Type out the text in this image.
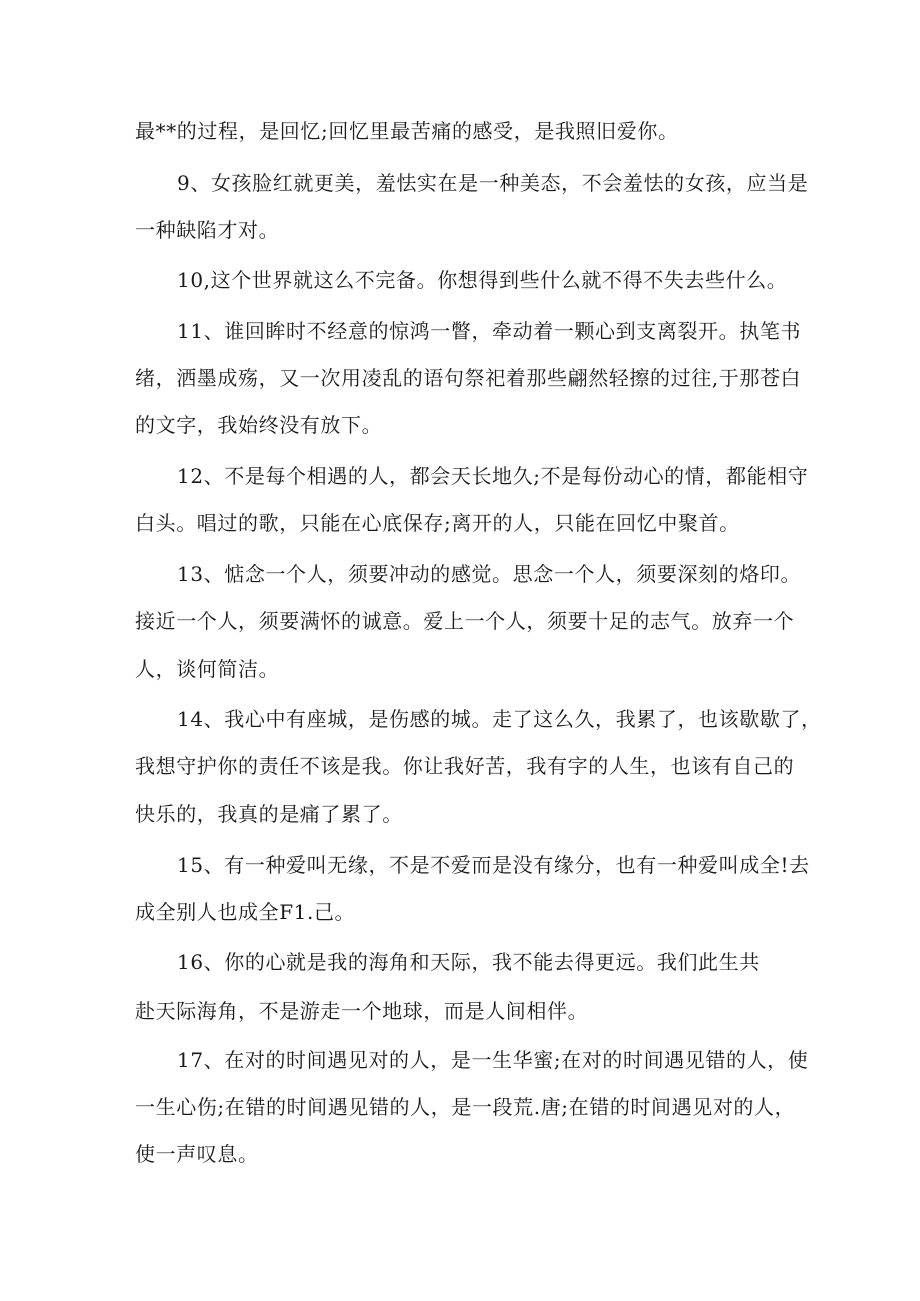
最**的过程，是回忆;回忆里最苦痛的感受，是我照旧爱你。

9、女孩脸红就更美，羞怯实在是一种美态，不会羞怯的女孩，应当是

一种缺陷才对。

10,这个世界就这么不完备。你想得到些什么就不得不失去些什么。

11、谁回眸时不经意的惊鸿一瞥，牵动着一颗心到支离裂开。执笔书

绪，洒墨成殇，又一次用凌乱的语句祭祀着那些翩然轻擦的过往,于那苍白

的文字，我始终没有放下。

12、不是每个相遇的人，都会天长地久;不是每份动心的情，都能相守

白头。唱过的歌，只能在心底保存;离开的人，只能在回忆中聚首。

13、惦念一个人，须要冲动的感觉。思念一个人，须要深刻的烙印。

接近一个人，须要满怀的诚意。爱上一个人，须要十足的志气。放弃一个

人，谈何简洁。

14、我心中有座城，是伤感的城。走了这么久，我累了，也该歇歇了，

我想守护你的责任不该是我。你让我好苦，我有字的人生，也该有自己的

快乐的，我真的是痛了累了。

15、有一种爱叫无缘，不是不爱而是没有缘分，也有一种爱叫成全!去

成全别人也成全F1.己。

16、你的心就是我的海角和天际，我不能去得更远。我们此生共

赴天际海角，不是游走一个地球，而是人间相伴。

17、在对的时间遇见对的人，是一生华蜜;在对的时间遇见错的人，使

一生心伤;在错的时间遇见错的人，是一段荒.唐;在错的时间遇见对的人，

使一声叹息。
